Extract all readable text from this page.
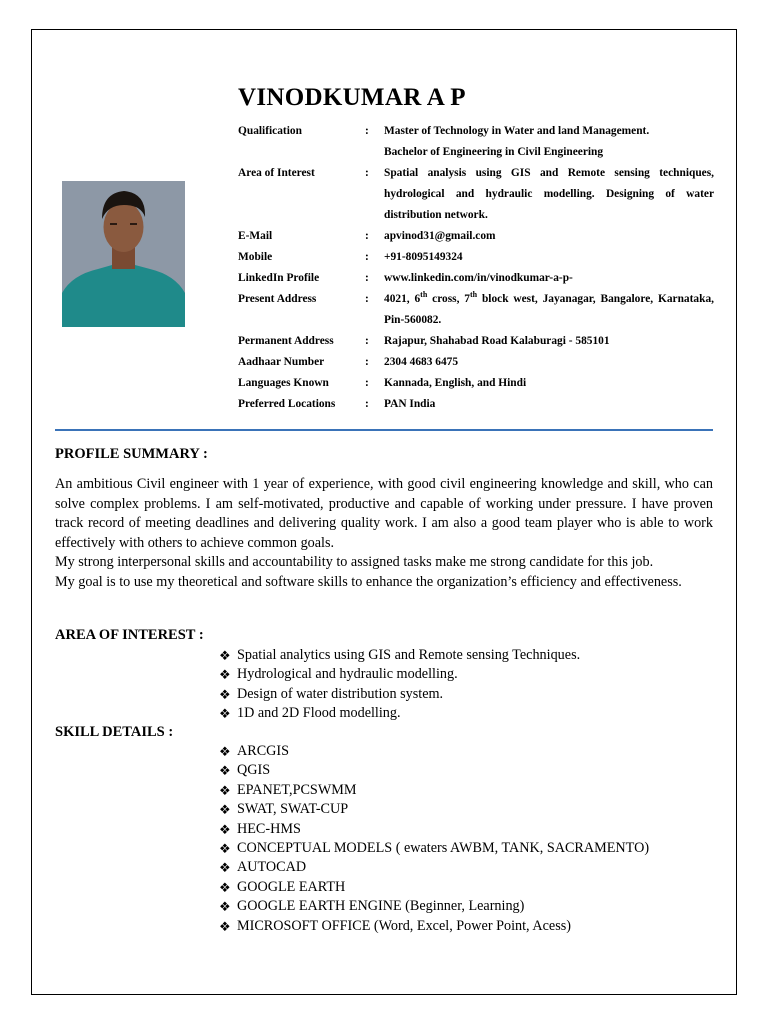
VINODKUMAR A P
Qualification	: Master of Technology in Water and land Management.
Bachelor of Engineering in Civil Engineering
Area of Interest	: Spatial analysis using GIS and Remote sensing techniques, hydrological and hydraulic modelling. Designing of water distribution network.
E-Mail	: apvinod31@gmail.com
Mobile	: +91-8095149324
LinkedIn Profile	: www.linkedin.com/in/vinodkumar-a-p-
Present Address	: 4021, 6th cross, 7th block west, Jayanagar, Bangalore, Karnataka, Pin-560082.
Permanent Address	: Rajapur, Shahabad Road Kalaburagi - 585101
Aadhaar Number	: 2304 4683 6475
Languages Known	: Kannada, English, and Hindi
Preferred Locations	: PAN India
PROFILE SUMMARY :

An ambitious Civil engineer with 1 year of experience, with good civil engineering knowledge and skill, who can solve complex problems. I am self-motivated, productive and capable of working under pressure. I have proven track record of meeting deadlines and delivering quality work. I am also a good team player who is able to work effectively with others to achieve common goals.

My strong interpersonal skills and accountability to assigned tasks make me strong candidate for this job.

My goal is to use my theoretical and software skills to enhance the organization’s efficiency and effectiveness.

AREA OF INTEREST :
❖ Spatial analytics using GIS and Remote sensing Techniques.
❖ Hydrological and hydraulic modelling.
❖ Design of water distribution system.
❖ 1D and 2D Flood modelling.
SKILL DETAILS :
❖ ARCGIS
❖ QGIS
❖ EPANET,PCSWMM
❖ SWAT, SWAT-CUP
❖ HEC-HMS
❖ CONCEPTUAL MODELS ( ewaters AWBM, TANK, SACRAMENTO)
❖ AUTOCAD
❖ GOOGLE EARTH
❖ GOOGLE EARTH ENGINE (Beginner, Learning)
❖ MICROSOFT OFFICE (Word, Excel, Power Point, Acess)
